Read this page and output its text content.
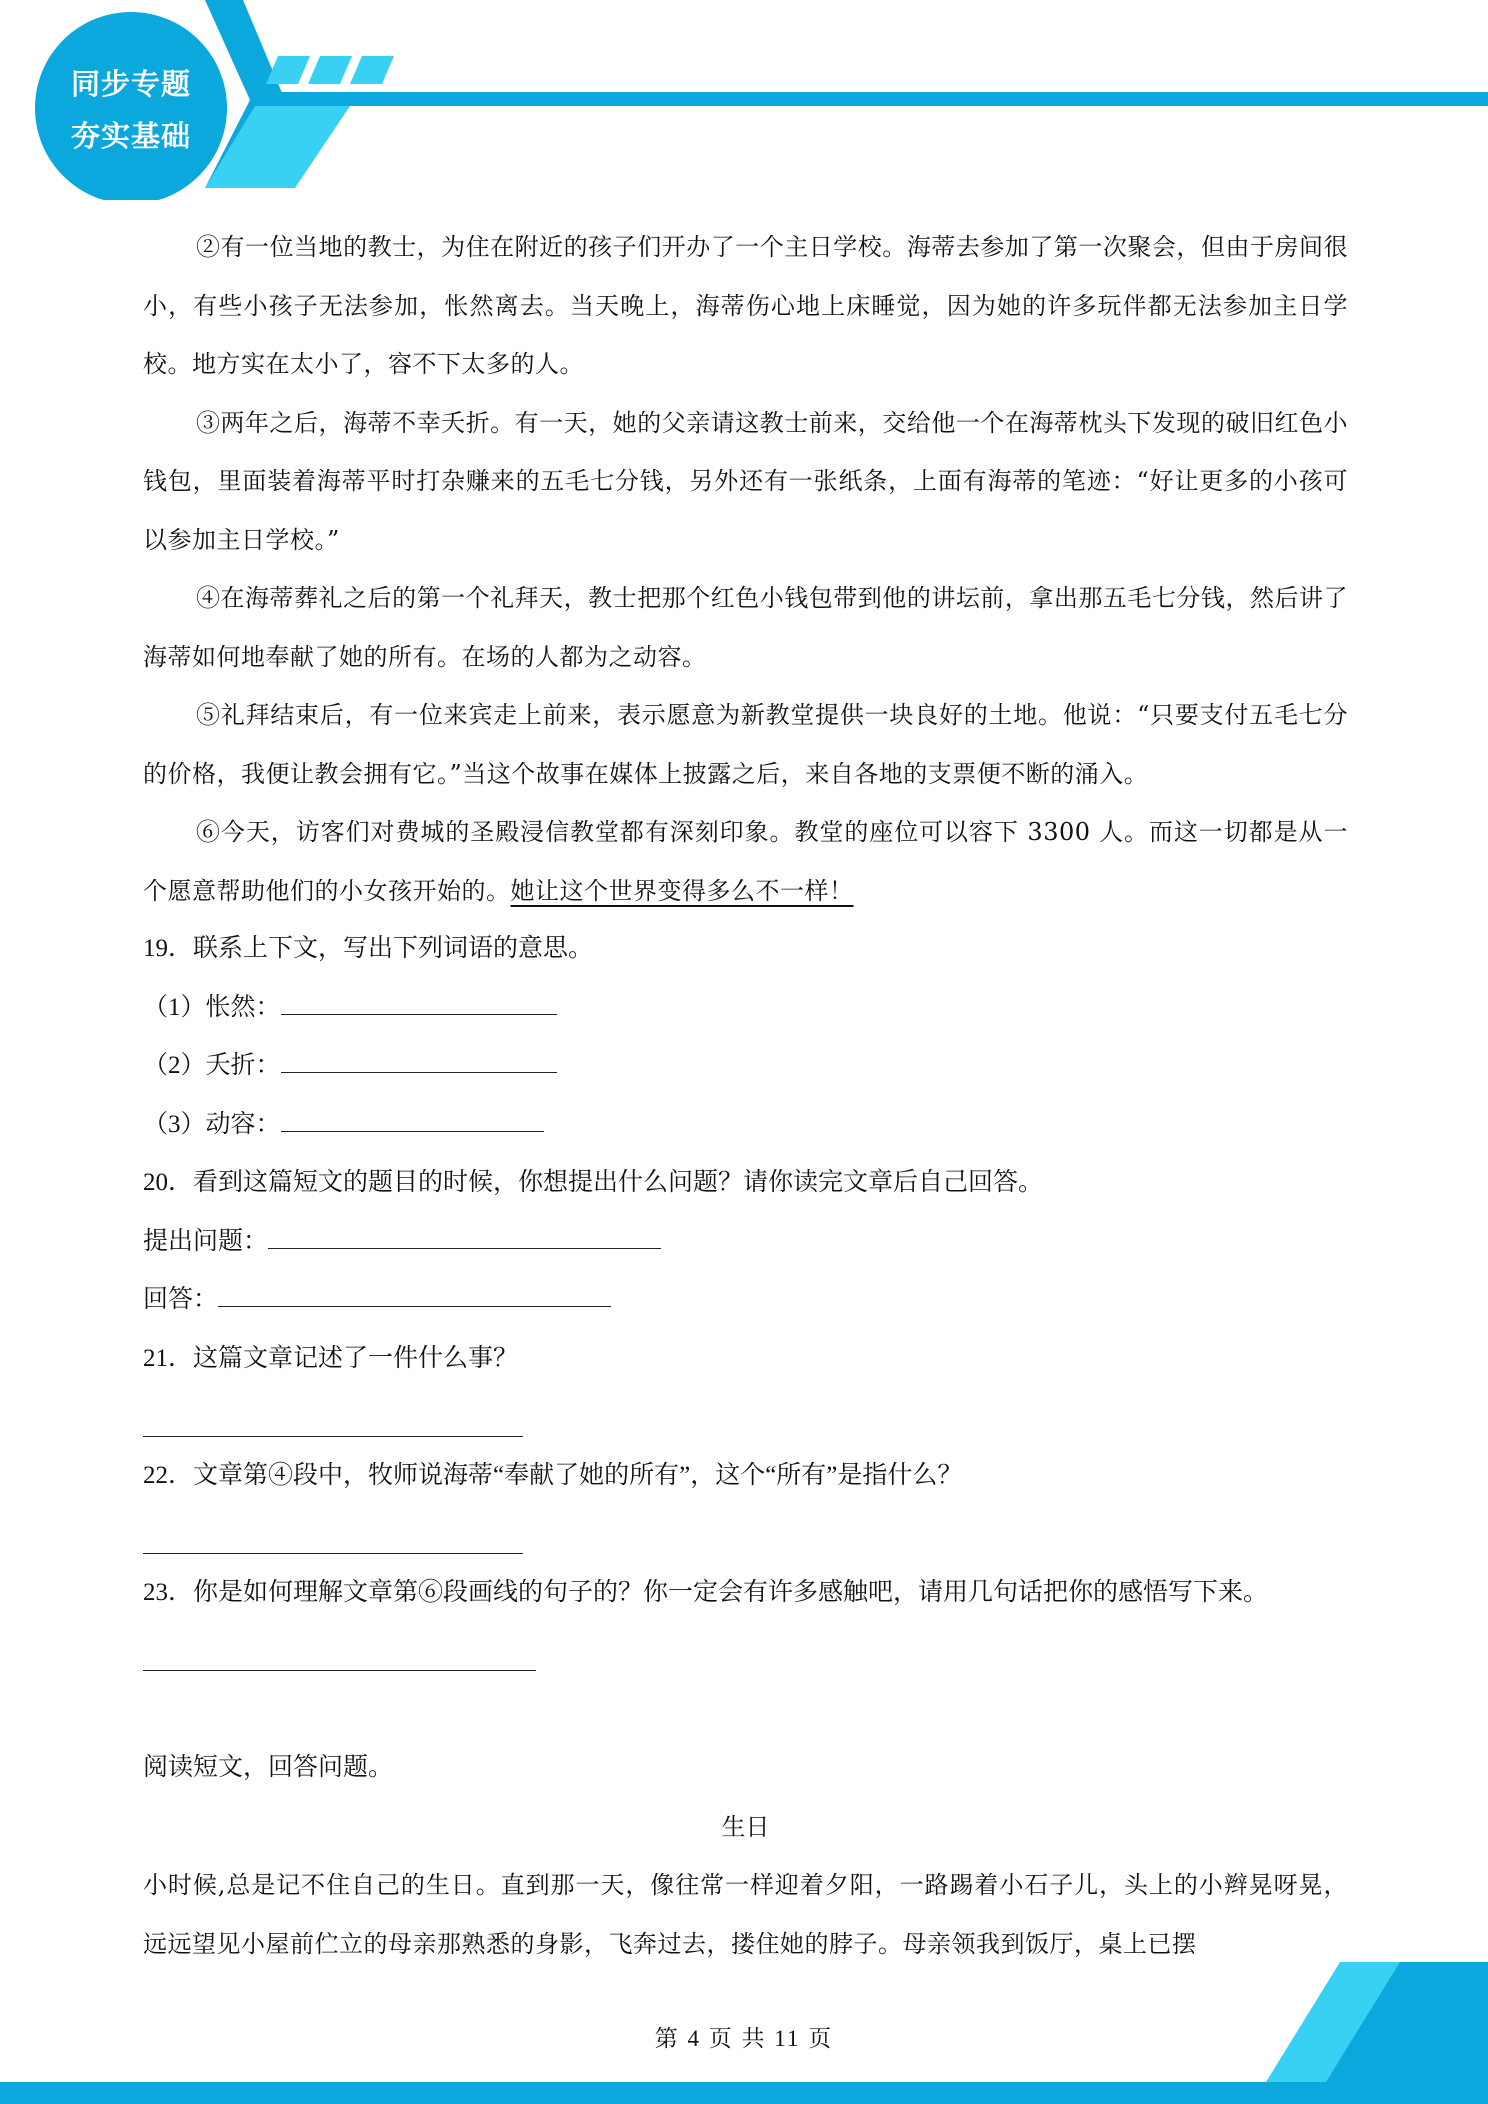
同步专题
夯实基础

②有一位当地的教士，为住在附近的孩子们开办了一个主日学校。海蒂去参加了第一次聚会，但由于房间很小，有些小孩子无法参加，怅然离去。当天晚上，海蒂伤心地上床睡觉，因为她的许多玩伴都无法参加主日学校。地方实在太小了，容不下太多的人。

③两年之后，海蒂不幸夭折。有一天，她的父亲请这教士前来，交给他一个在海蒂枕头下发现的破旧红色小钱包，里面装着海蒂平时打杂赚来的五毛七分钱，另外还有一张纸条，上面有海蒂的笔迹：“好让更多的小孩可以参加主日学校。”

④在海蒂葬礼之后的第一个礼拜天，教士把那个红色小钱包带到他的讲坛前，拿出那五毛七分钱，然后讲了海蒂如何地奉献了她的所有。在场的人都为之动容。

⑤礼拜结束后，有一位来宾走上前来，表示愿意为新教堂提供一块良好的土地。他说：“只要支付五毛七分的价格，我便让教会拥有它。”当这个故事在媒体上披露之后，来自各地的支票便不断的涌入。

⑥今天，访客们对费城的圣殿浸信教堂都有深刻印象。教堂的座位可以容下 3300 人。而这一切都是从一个愿意帮助他们的小女孩开始的。她让这个世界变得多么不一样！

19．联系上下文，写出下列词语的意思。

（1）怅然：

（2）夭折：

（3）动容：

20．看到这篇短文的题目的时候，你想提出什么问题？请你读完文章后自己回答。

提出问题：

回答：

21．这篇文章记述了一件什么事？

22．文章第④段中，牧师说海蒂“奉献了她的所有”，这个“所有”是指什么？

23．你是如何理解文章第⑥段画线的句子的？你一定会有许多感触吧，请用几句话把你的感悟写下来。

阅读短文，回答问题。

生日

小时候,总是记不住自己的生日。直到那一天，像往常一样迎着夕阳，一路踢着小石子儿，头上的小辫晃呀晃，远远望见小屋前伫立的母亲那熟悉的身影，飞奔过去，搂住她的脖子。母亲领我到饭厅，桌上已摆

第 4 页 共 11 页
